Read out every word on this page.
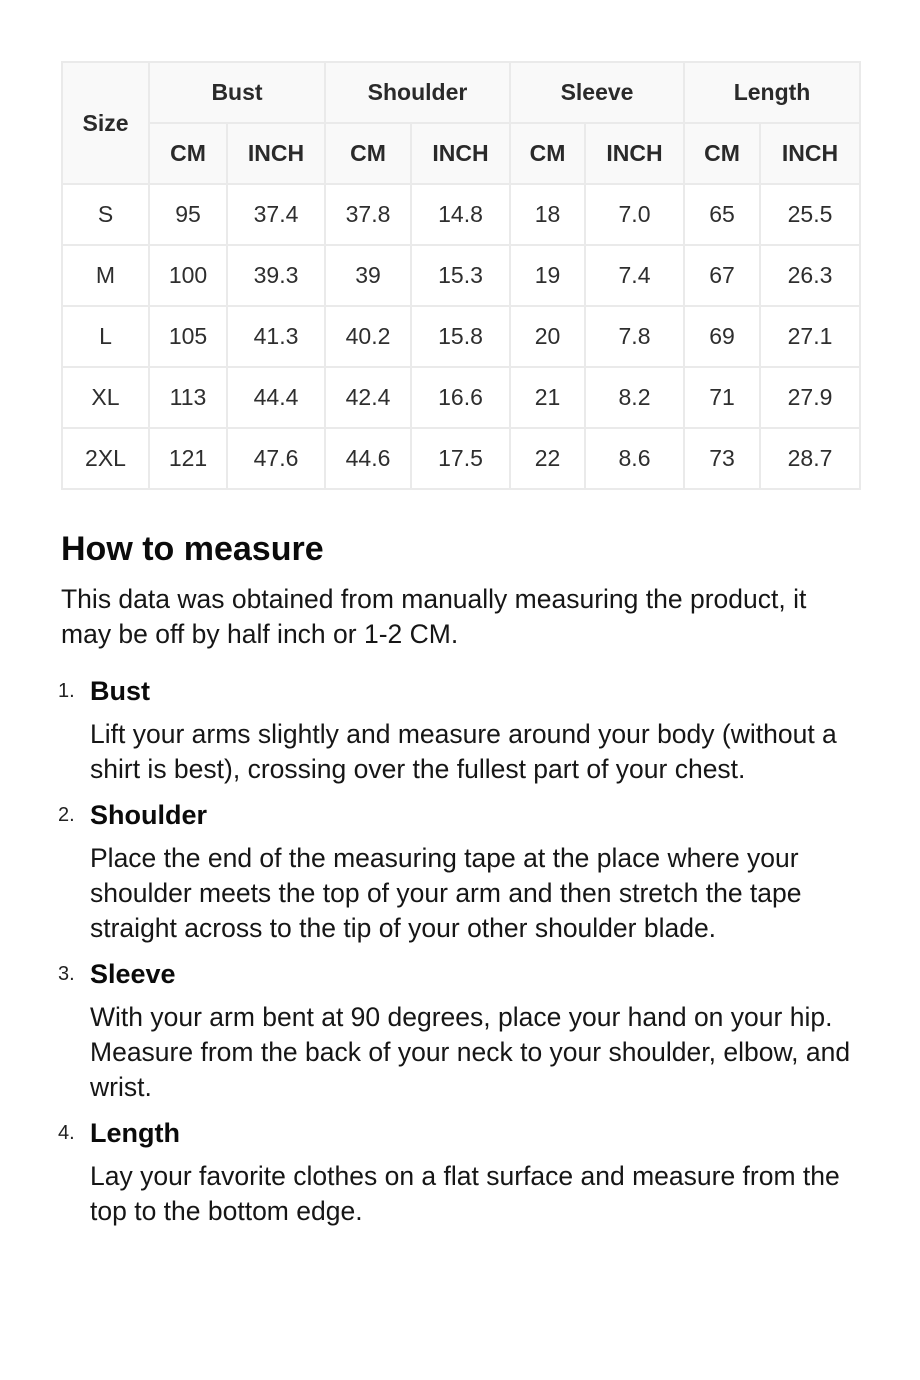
Size	Bust		Shoulder		Sleeve		Length	
	CM	INCH	CM	INCH	CM	INCH	CM	INCH
S	95	37.4	37.8	14.8	18	7.0	65	25.5
M	100	39.3	39	15.3	19	7.4	67	26.3
L	105	41.3	40.2	15.8	20	7.8	69	27.1
XL	113	44.4	42.4	16.6	21	8.2	71	27.9
2XL	121	47.6	44.6	17.5	22	8.6	73	28.7
How to measure

This data was obtained from manually measuring the product, it may be off by half inch or 1-2 CM.

1. Bust
Lift your arms slightly and measure around your body (without a shirt is best), crossing over the fullest part of your chest.
2. Shoulder
Place the end of the measuring tape at the place where your shoulder meets the top of your arm and then stretch the tape straight across to the tip of your other shoulder blade.
3. Sleeve
With your arm bent at 90 degrees, place your hand on your hip. Measure from the back of your neck to your shoulder, elbow, and wrist.
4. Length
Lay your favorite clothes on a flat surface and measure from the top to the bottom edge.
